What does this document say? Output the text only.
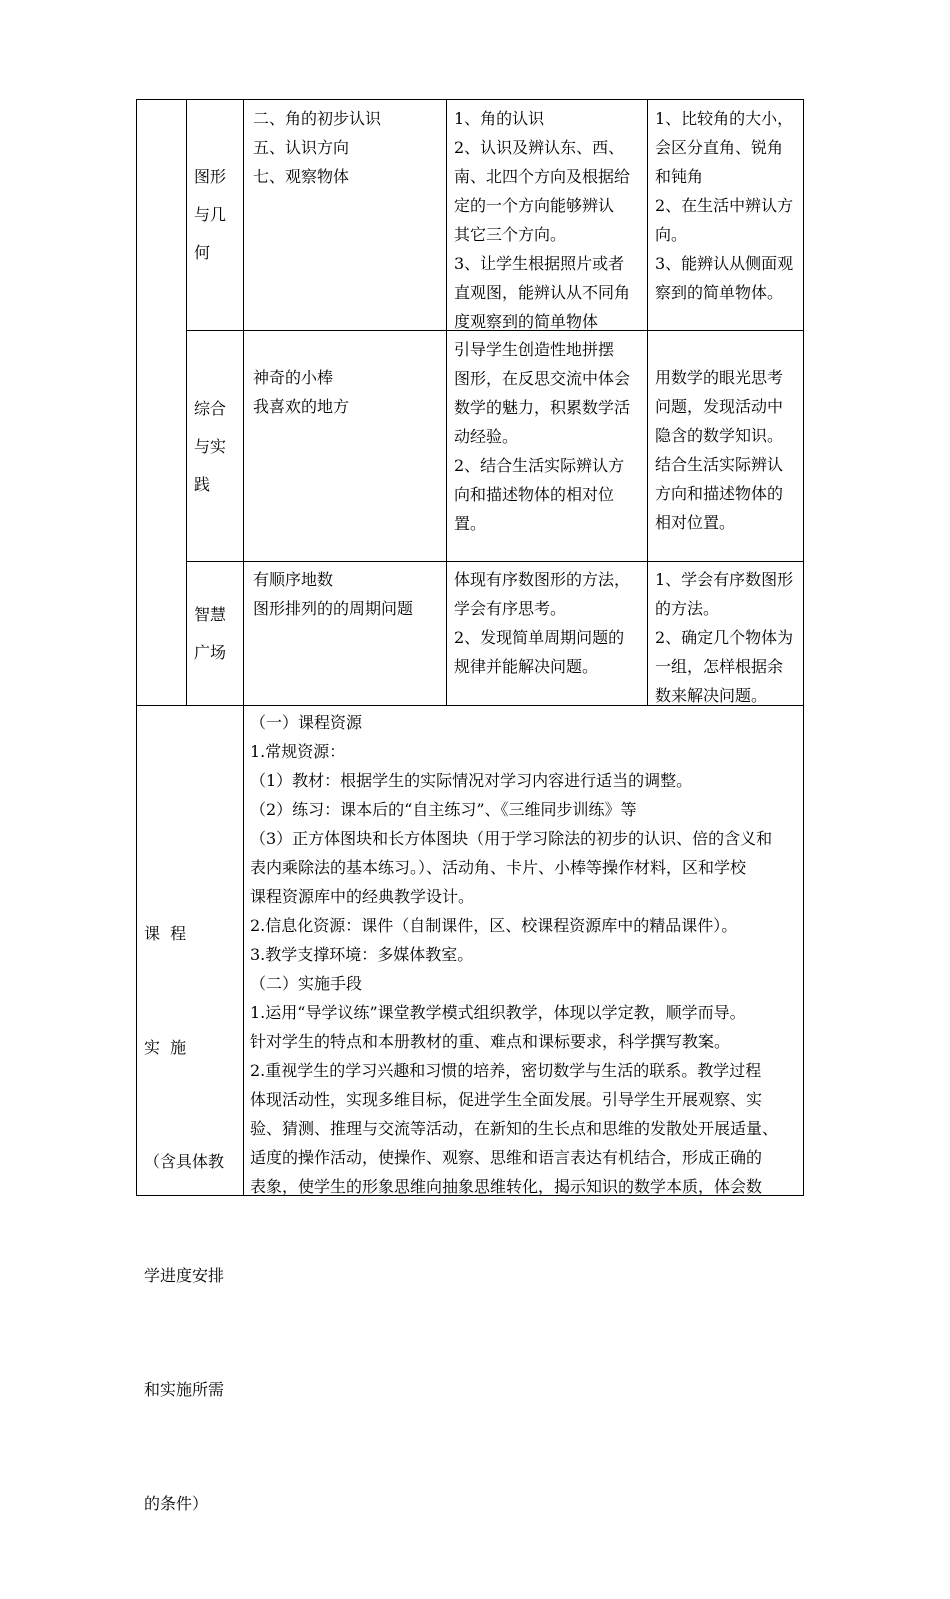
图形
与几
何
二、角的初步认识
五、认识方向
七、观察物体
1、角的认识
2、认识及辨认东、西、
南、北四个方向及根据给
定的一个方向能够辨认
其它三个方向。
3、让学生根据照片或者
直观图，能辨认从不同角
度观察到的简单物体
1、比较角的大小，
会区分直角、锐角
和钝角
2、在生活中辨认方
向。
3、能辨认从侧面观
察到的简单物体。
综合
与实
践
神奇的小棒
我喜欢的地方
引导学生创造性地拼摆
图形，在反思交流中体会
数学的魅力，积累数学活
动经验。
2、结合生活实际辨认方
向和描述物体的相对位
置。
用数学的眼光思考
问题，发现活动中
隐含的数学知识。
结合生活实际辨认
方向和描述物体的
相对位置。
智慧
广场
有顺序地数
图形排列的的周期问题
体现有序数图形的方法，
学会有序思考。
2、发现简单周期问题的
规律并能解决问题。
1、学会有序数图形
的方法。
2、确定几个物体为
一组，怎样根据余
数来解决问题。

课  程

实  施

（含具体教

学进度安排

和实施所需

的条件）

（一）课程资源
1.常规资源：
（1）教材：根据学生的实际情况对学习内容进行适当的调整。
（2）练习：课本后的“自主练习”、《三维同步训练》等
（3）正方体图块和长方体图块（用于学习除法的初步的认识、倍的含义和
表内乘除法的基本练习。）、活动角、卡片、小棒等操作材料，区和学校
课程资源库中的经典教学设计。
2.信息化资源：课件（自制课件，区、校课程资源库中的精品课件）。
3.教学支撑环境：多媒体教室。
（二）实施手段
1.运用“导学议练”课堂教学模式组织教学，体现以学定教，顺学而导。
针对学生的特点和本册教材的重、难点和课标要求，科学撰写教案。
2.重视学生的学习兴趣和习惯的培养，密切数学与生活的联系。教学过程
体现活动性，实现多维目标，促进学生全面发展。引导学生开展观察、实
验、猜测、推理与交流等活动，在新知的生长点和思维的发散处开展适量、
适度的操作活动，使操作、观察、思维和语言表达有机结合，形成正确的
表象，使学生的形象思维向抽象思维转化，揭示知识的数学本质，体会数
